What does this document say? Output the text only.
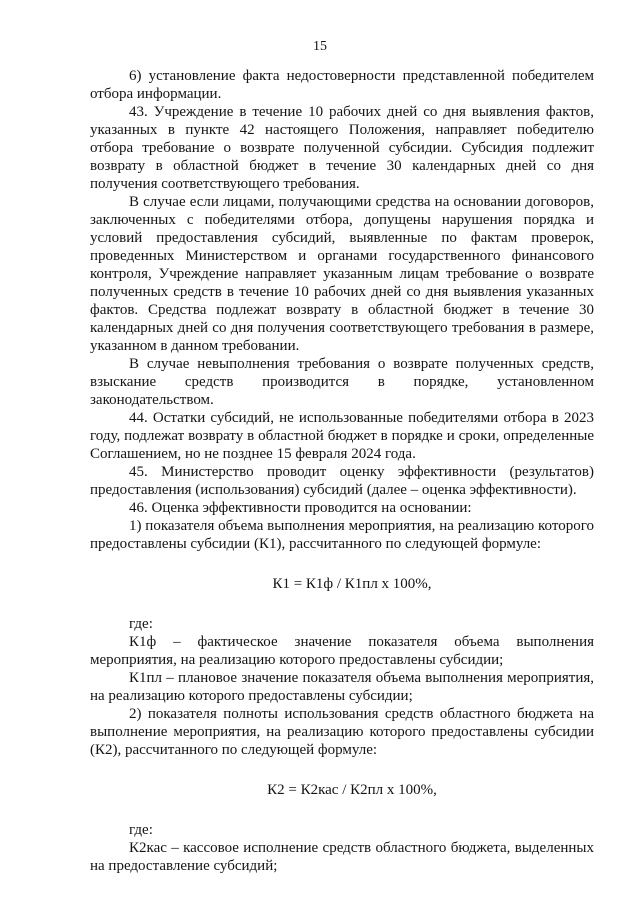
15

6) установление факта недостоверности представленной победителем отбора информации.

43. Учреждение в течение 10 рабочих дней со дня выявления фактов, указанных в пункте 42 настоящего Положения, направляет победителю отбора требование о возврате полученной субсидии. Субсидия подлежит возврату в областной бюджет в течение 30 календарных дней со дня получения соответствующего требования.

В случае если лицами, получающими средства на основании договоров, заключенных с победителями отбора, допущены нарушения порядка и условий предоставления субсидий, выявленные по фактам проверок, проведенных Министерством и органами государственного финансового контроля, Учреждение направляет указанным лицам требование о возврате полученных средств в течение 10 рабочих дней со дня выявления указанных фактов. Средства подлежат возврату в областной бюджет в течение 30 календарных дней со дня получения соответствующего требования в размере, указанном в данном требовании.

В случае невыполнения требования о возврате полученных средств, взыскание средств производится в порядке, установленном законодательством.

44. Остатки субсидий, не использованные победителями отбора в 2023 году, подлежат возврату в областной бюджет в порядке и сроки, определенные Соглашением, но не позднее 15 февраля 2024 года.

45. Министерство проводит оценку эффективности (результатов) предоставления (использования) субсидий (далее – оценка эффективности).

46. Оценка эффективности проводится на основании:

1) показателя объема выполнения мероприятия, на реализацию которого предоставлены субсидии (К1), рассчитанного по следующей формуле:

К1 = К1ф / К1пл х 100%,

где:

К1ф – фактическое значение показателя объема выполнения мероприятия, на реализацию которого предоставлены субсидии;

К1пл – плановое значение показателя объема выполнения мероприятия, на реализацию которого предоставлены субсидии;

2) показателя полноты использования средств областного бюджета на выполнение мероприятия, на реализацию которого предоставлены субсидии (К2), рассчитанного по следующей формуле:

К2 = К2кас / К2пл х 100%,

где:

К2кас – кассовое исполнение средств областного бюджета, выделенных на предоставление субсидий;
